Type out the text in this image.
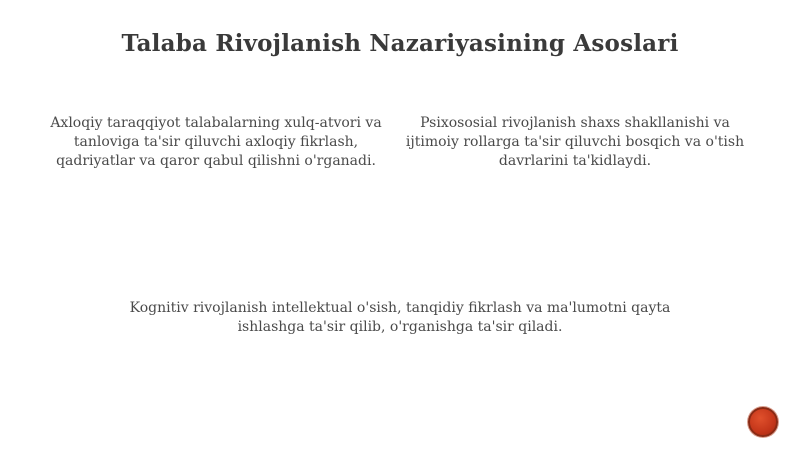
Talaba Rivojlanish Nazariyasining Asoslari
Axloqiy taraqqiyot talabalarning xulq-atvori va tanloviga ta'sir qiluvchi axloqiy fikrlash, qadriyatlar va qaror qabul qilishni o'rganadi.
Psixososial rivojlanish shaxs shakllanishi va ijtimoiy rollarga ta'sir qiluvchi bosqich va o'tish davrlarini ta'kidlaydi.
Kognitiv rivojlanish intellektual o'sish, tanqidiy fikrlash va ma'lumotni qayta ishlashga ta'sir qilib, o'rganishga ta'sir qiladi.
